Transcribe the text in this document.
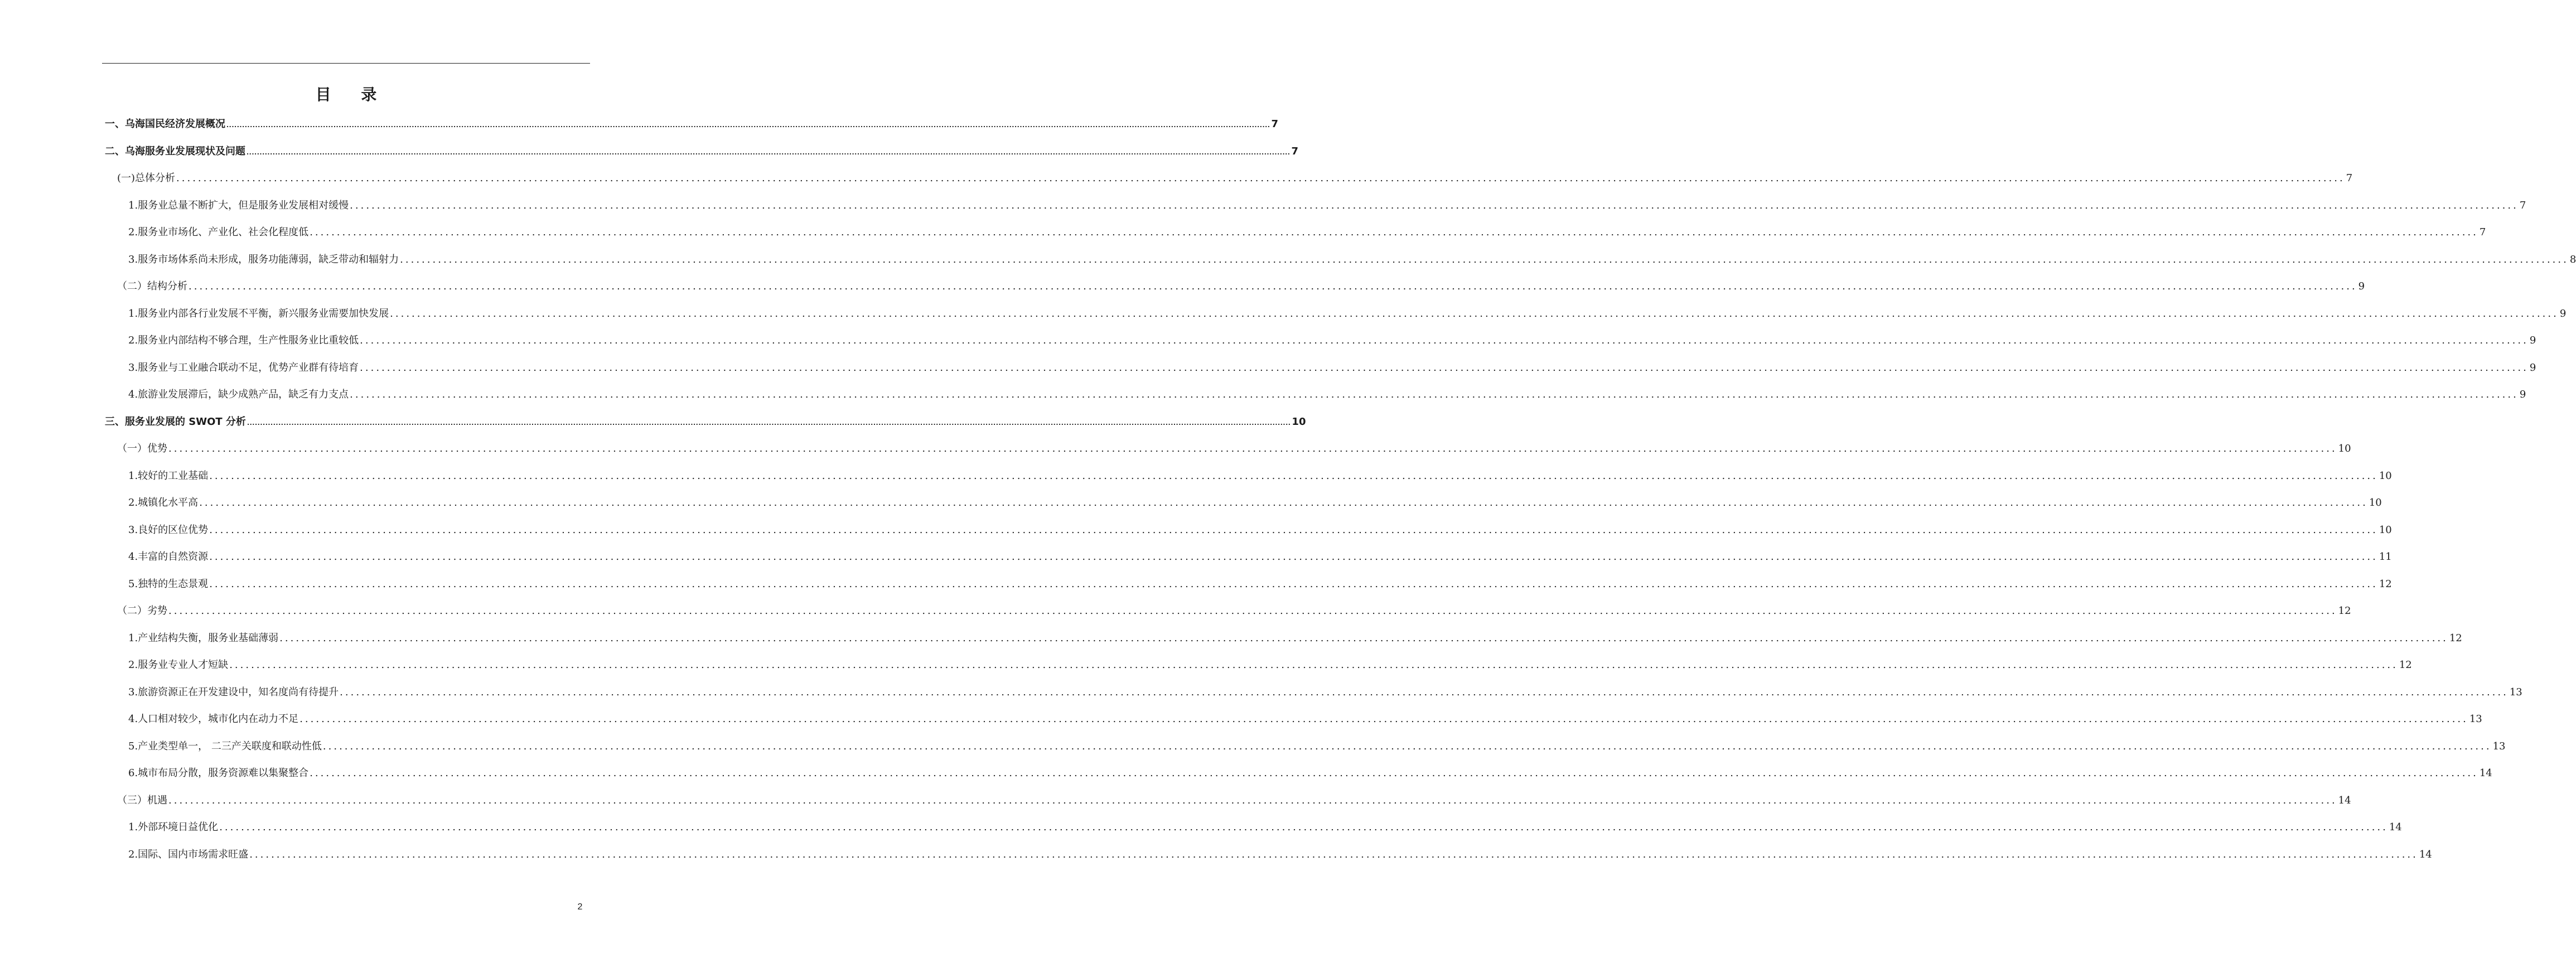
目 录
一、乌海国民经济发展概况 ................................................................................................................................................................................................................................................................................................................................................................................................................ 7
二、乌海服务业发展现状及问题 ................................................................................................................................................................................................................................................................................................................................................................................................................ 7
(一)总体分析 ................................................................................................................................................................................................................................................................................................................................................................................................................ 7
1.服务业总量不断扩大，但是服务业发展相对缓慢 ................................................................................................................................................................................................................................................................................................................................................................................................................ 7
2.服务业市场化、产业化、社会化程度低 ................................................................................................................................................................................................................................................................................................................................................................................................................ 7
3.服务市场体系尚未形成，服务功能薄弱，缺乏带动和辐射力 ................................................................................................................................................................................................................................................................................................................................................................................................................ 8
（二）结构分析 ................................................................................................................................................................................................................................................................................................................................................................................................................ 9
1.服务业内部各行业发展不平衡，新兴服务业需要加快发展 ................................................................................................................................................................................................................................................................................................................................................................................................................ 9
2.服务业内部结构不够合理，生产性服务业比重较低 ................................................................................................................................................................................................................................................................................................................................................................................................................ 9
3.服务业与工业融合联动不足，优势产业群有待培育 ................................................................................................................................................................................................................................................................................................................................................................................................................ 9
4.旅游业发展滞后，缺少成熟产品，缺乏有力支点 ................................................................................................................................................................................................................................................................................................................................................................................................................ 9
三、服务业发展的 SWOT 分析 ................................................................................................................................................................................................................................................................................................................................................................................................................ 10
（一）优势 ................................................................................................................................................................................................................................................................................................................................................................................................................ 10
1.较好的工业基础 ................................................................................................................................................................................................................................................................................................................................................................................................................ 10
2.城镇化水平高 ................................................................................................................................................................................................................................................................................................................................................................................................................ 10
3.良好的区位优势 ................................................................................................................................................................................................................................................................................................................................................................................................................ 10
4.丰富的自然资源 ................................................................................................................................................................................................................................................................................................................................................................................................................ 11
5.独特的生态景观 ................................................................................................................................................................................................................................................................................................................................................................................................................ 12
（二）劣势 ................................................................................................................................................................................................................................................................................................................................................................................................................ 12
1.产业结构失衡，服务业基础薄弱 ................................................................................................................................................................................................................................................................................................................................................................................................................ 12
2.服务业专业人才短缺 ................................................................................................................................................................................................................................................................................................................................................................................................................ 12
3.旅游资源正在开发建设中，知名度尚有待提升 ................................................................................................................................................................................................................................................................................................................................................................................................................ 13
4.人口相对较少，城市化内在动力不足 ................................................................................................................................................................................................................................................................................................................................................................................................................ 13
5.产业类型单一， 二三产关联度和联动性低 ................................................................................................................................................................................................................................................................................................................................................................................................................ 13
6.城市布局分散，服务资源难以集聚整合 ................................................................................................................................................................................................................................................................................................................................................................................................................ 14
（三）机遇 ................................................................................................................................................................................................................................................................................................................................................................................................................ 14
1.外部环境日益优化 ................................................................................................................................................................................................................................................................................................................................................................................................................ 14
2.国际、国内市场需求旺盛 ................................................................................................................................................................................................................................................................................................................................................................................................................ 14
2
